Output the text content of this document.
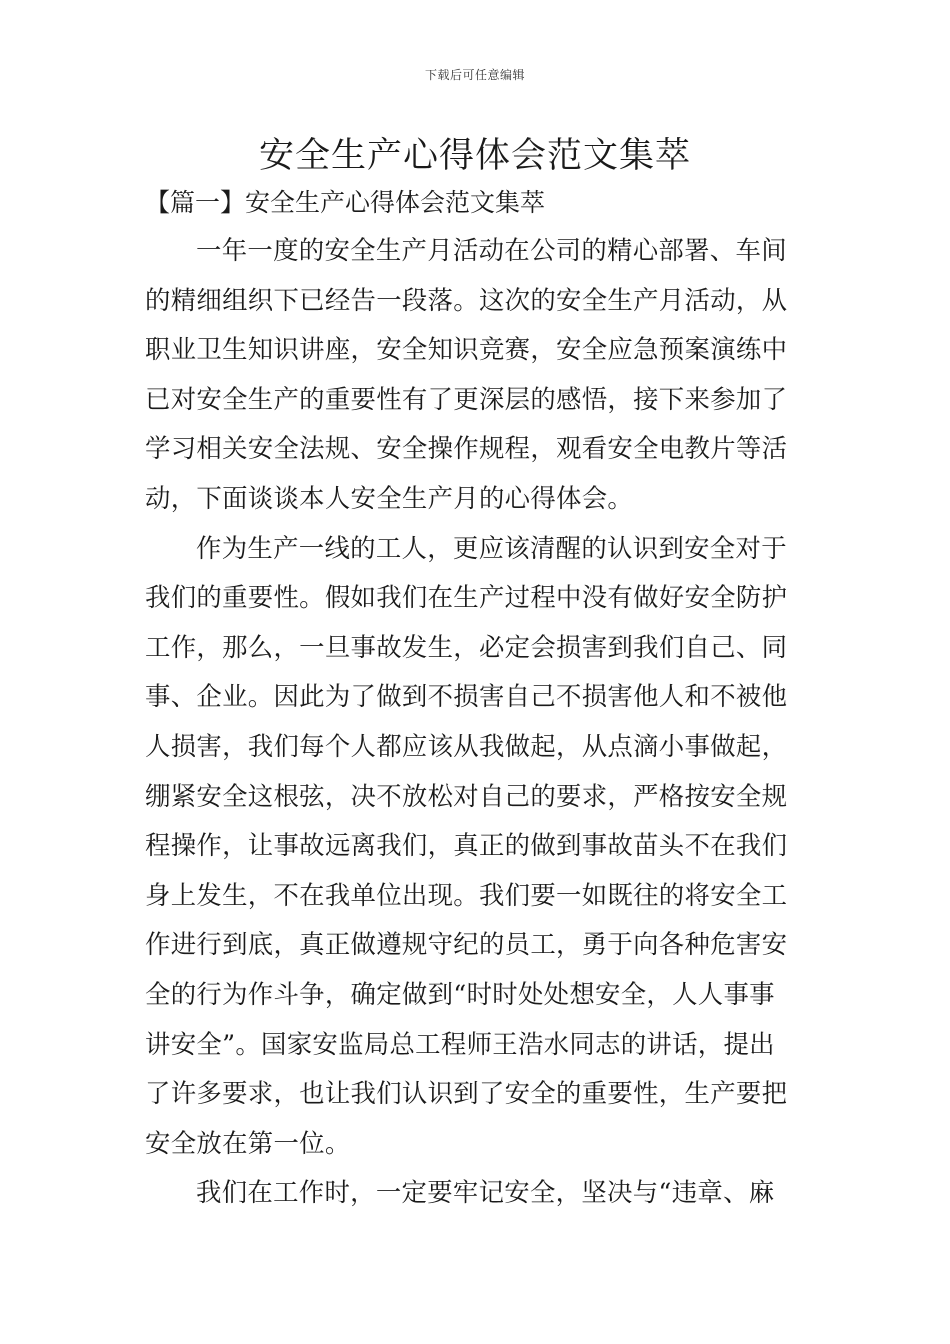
下载后可任意编辑
安全生产心得体会范文集萃
【篇一】安全生产心得体会范文集萃
一年一度的安全生产月活动在公司的精心部署、车间
的精细组织下已经告一段落。这次的安全生产月活动，从
职业卫生知识讲座，安全知识竞赛，安全应急预案演练中
已对安全生产的重要性有了更深层的感悟，接下来参加了
学习相关安全法规、安全操作规程，观看安全电教片等活
动，下面谈谈本人安全生产月的心得体会。
作为生产一线的工人，更应该清醒的认识到安全对于
我们的重要性。假如我们在生产过程中没有做好安全防护
工作，那么，一旦事故发生，必定会损害到我们自己、同
事、企业。因此为了做到不损害自己不损害他人和不被他
人损害，我们每个人都应该从我做起，从点滴小事做起，
绷紧安全这根弦，决不放松对自己的要求，严格按安全规
程操作，让事故远离我们，真正的做到事故苗头不在我们
身上发生，不在我单位出现。我们要一如既往的将安全工
作进行到底，真正做遵规守纪的员工，勇于向各种危害安
全的行为作斗争，确定做到“时时处处想安全，人人事事
讲安全”。国家安监局总工程师王浩水同志的讲话，提出
了许多要求，也让我们认识到了安全的重要性，生产要把
安全放在第一位。
我们在工作时，一定要牢记安全，坚决与“违章、麻
